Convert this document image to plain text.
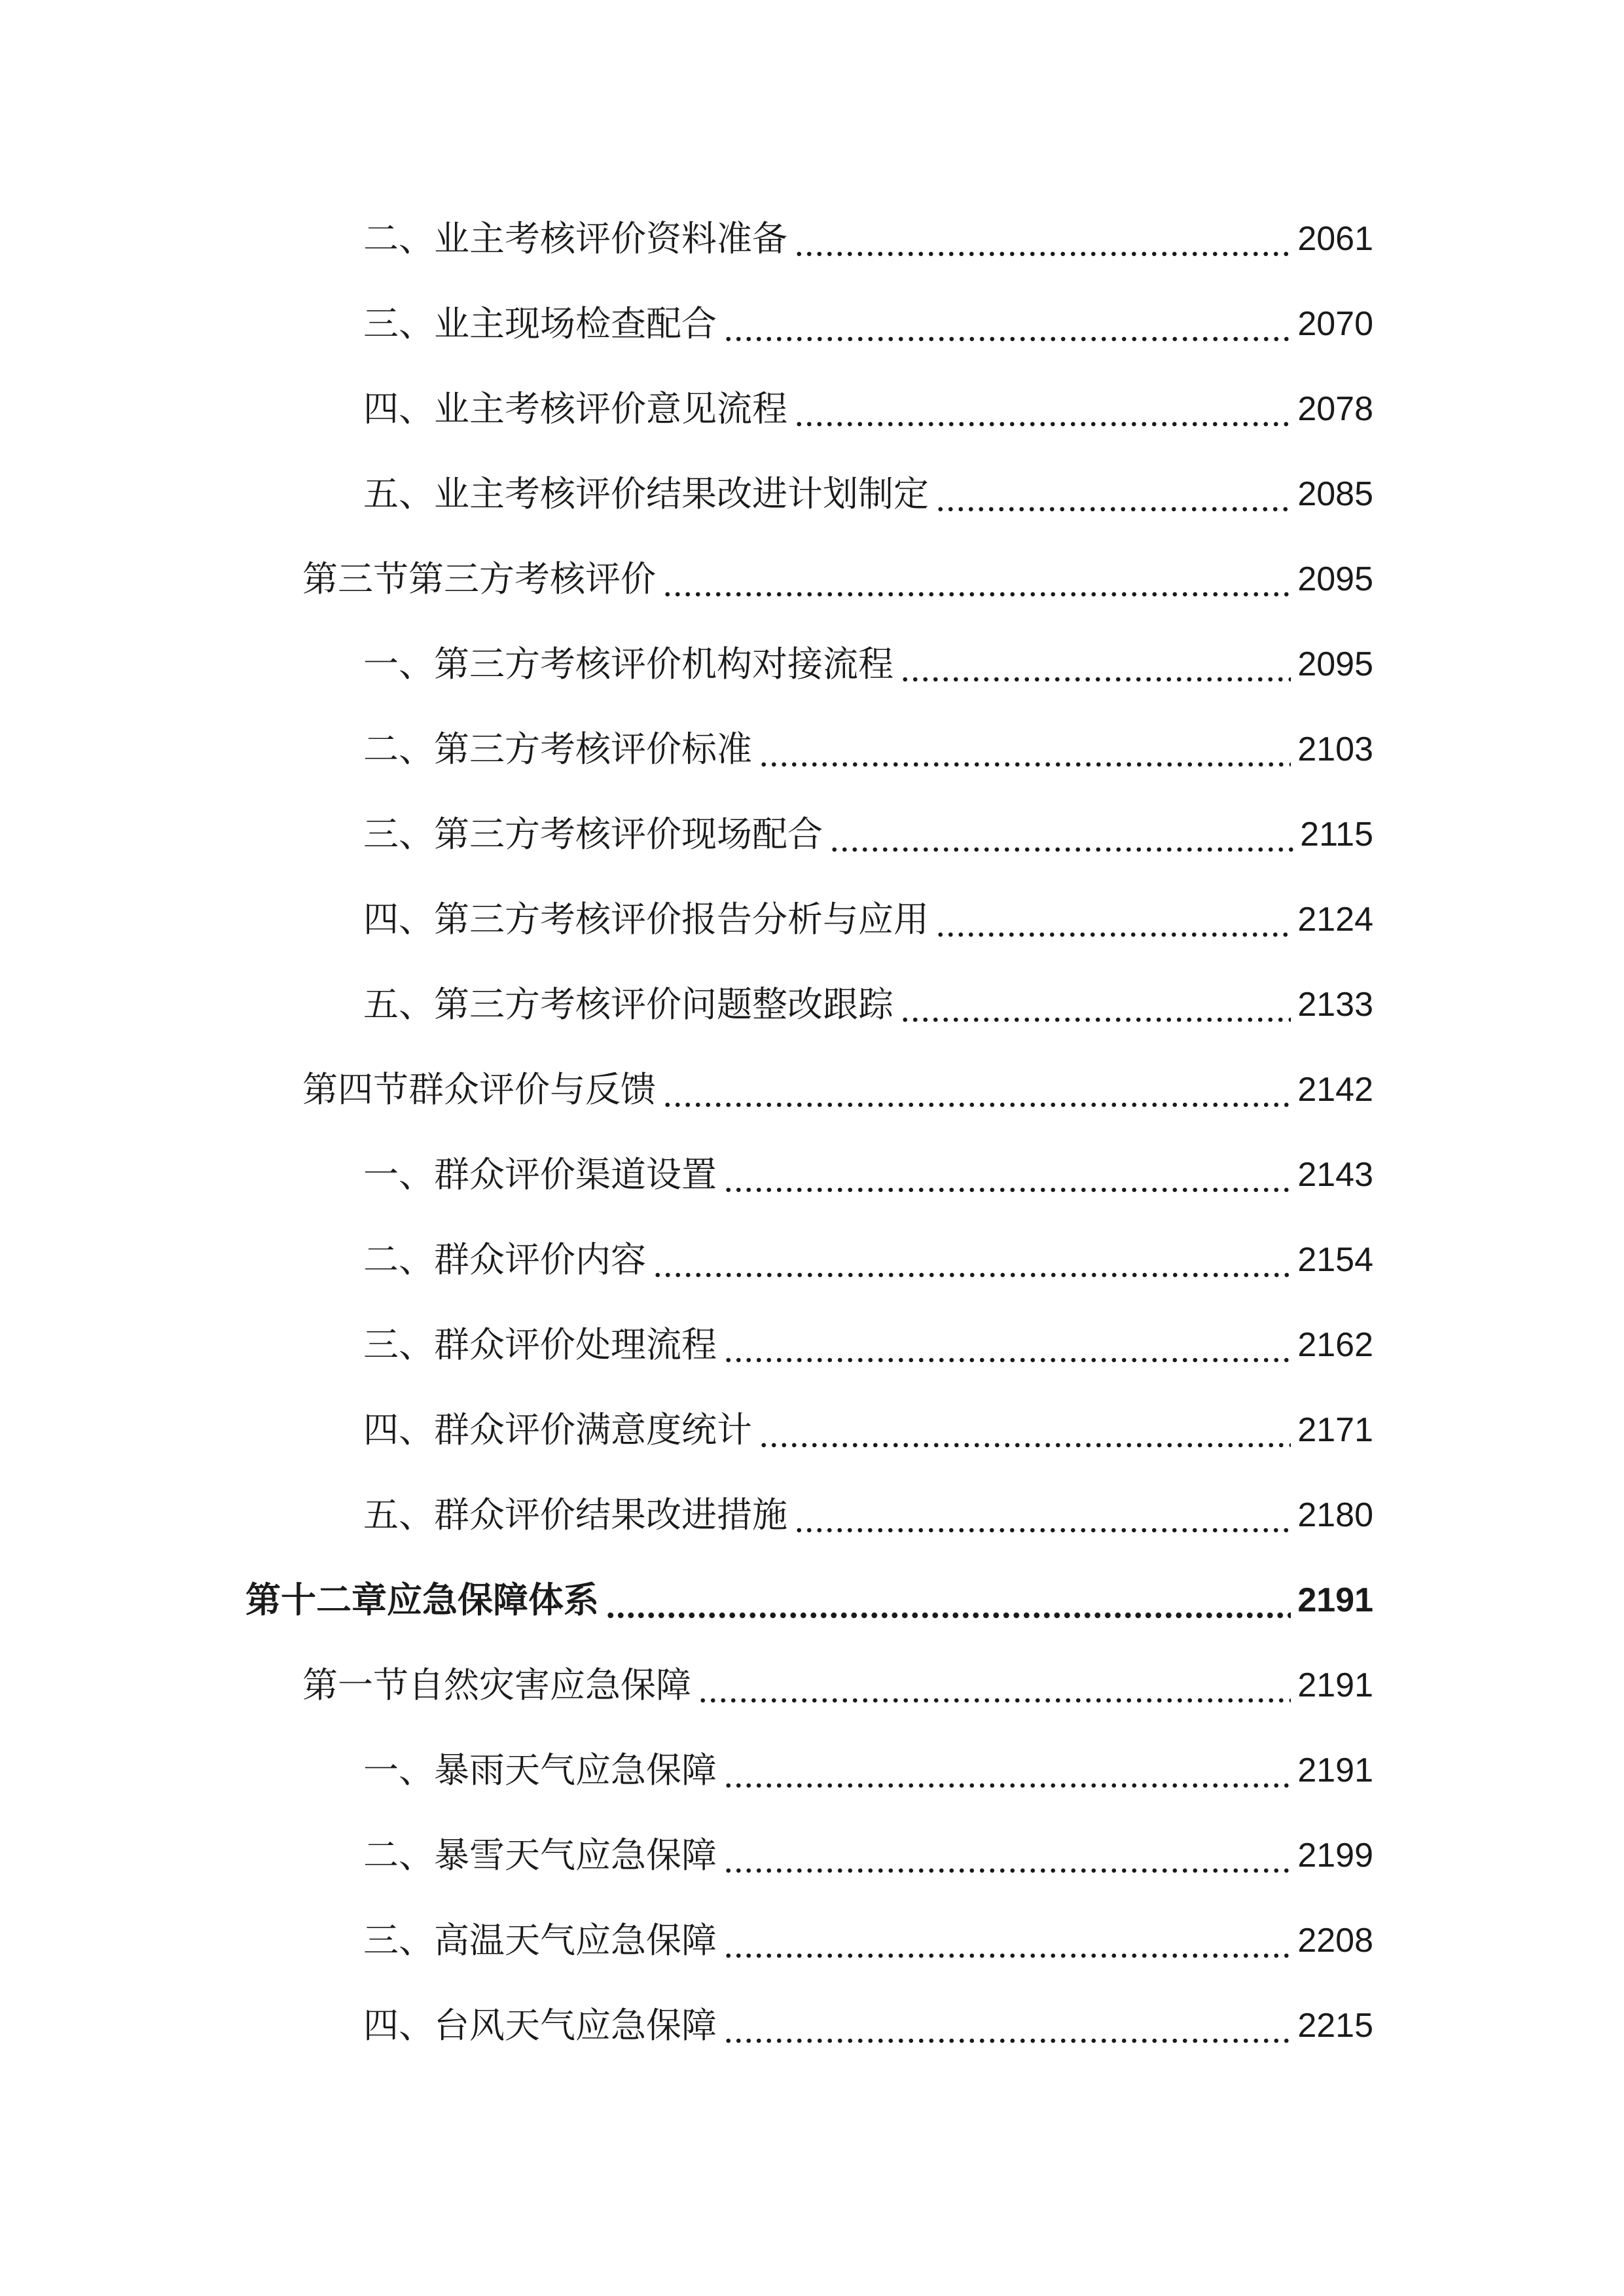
二、业主考核评价资料准备	2061
三、业主现场检查配合	2070
四、业主考核评价意见流程	2078
五、业主考核评价结果改进计划制定	2085
第三节第三方考核评价	2095
一、第三方考核评价机构对接流程	2095
二、第三方考核评价标准	2103
三、第三方考核评价现场配合	2115
四、第三方考核评价报告分析与应用	2124
五、第三方考核评价问题整改跟踪	2133
第四节群众评价与反馈	2142
一、群众评价渠道设置	2143
二、群众评价内容	2154
三、群众评价处理流程	2162
四、群众评价满意度统计	2171
五、群众评价结果改进措施	2180
第十二章应急保障体系	2191
第一节自然灾害应急保障	2191
一、暴雨天气应急保障	2191
二、暴雪天气应急保障	2199
三、高温天气应急保障	2208
四、台风天气应急保障	2215
